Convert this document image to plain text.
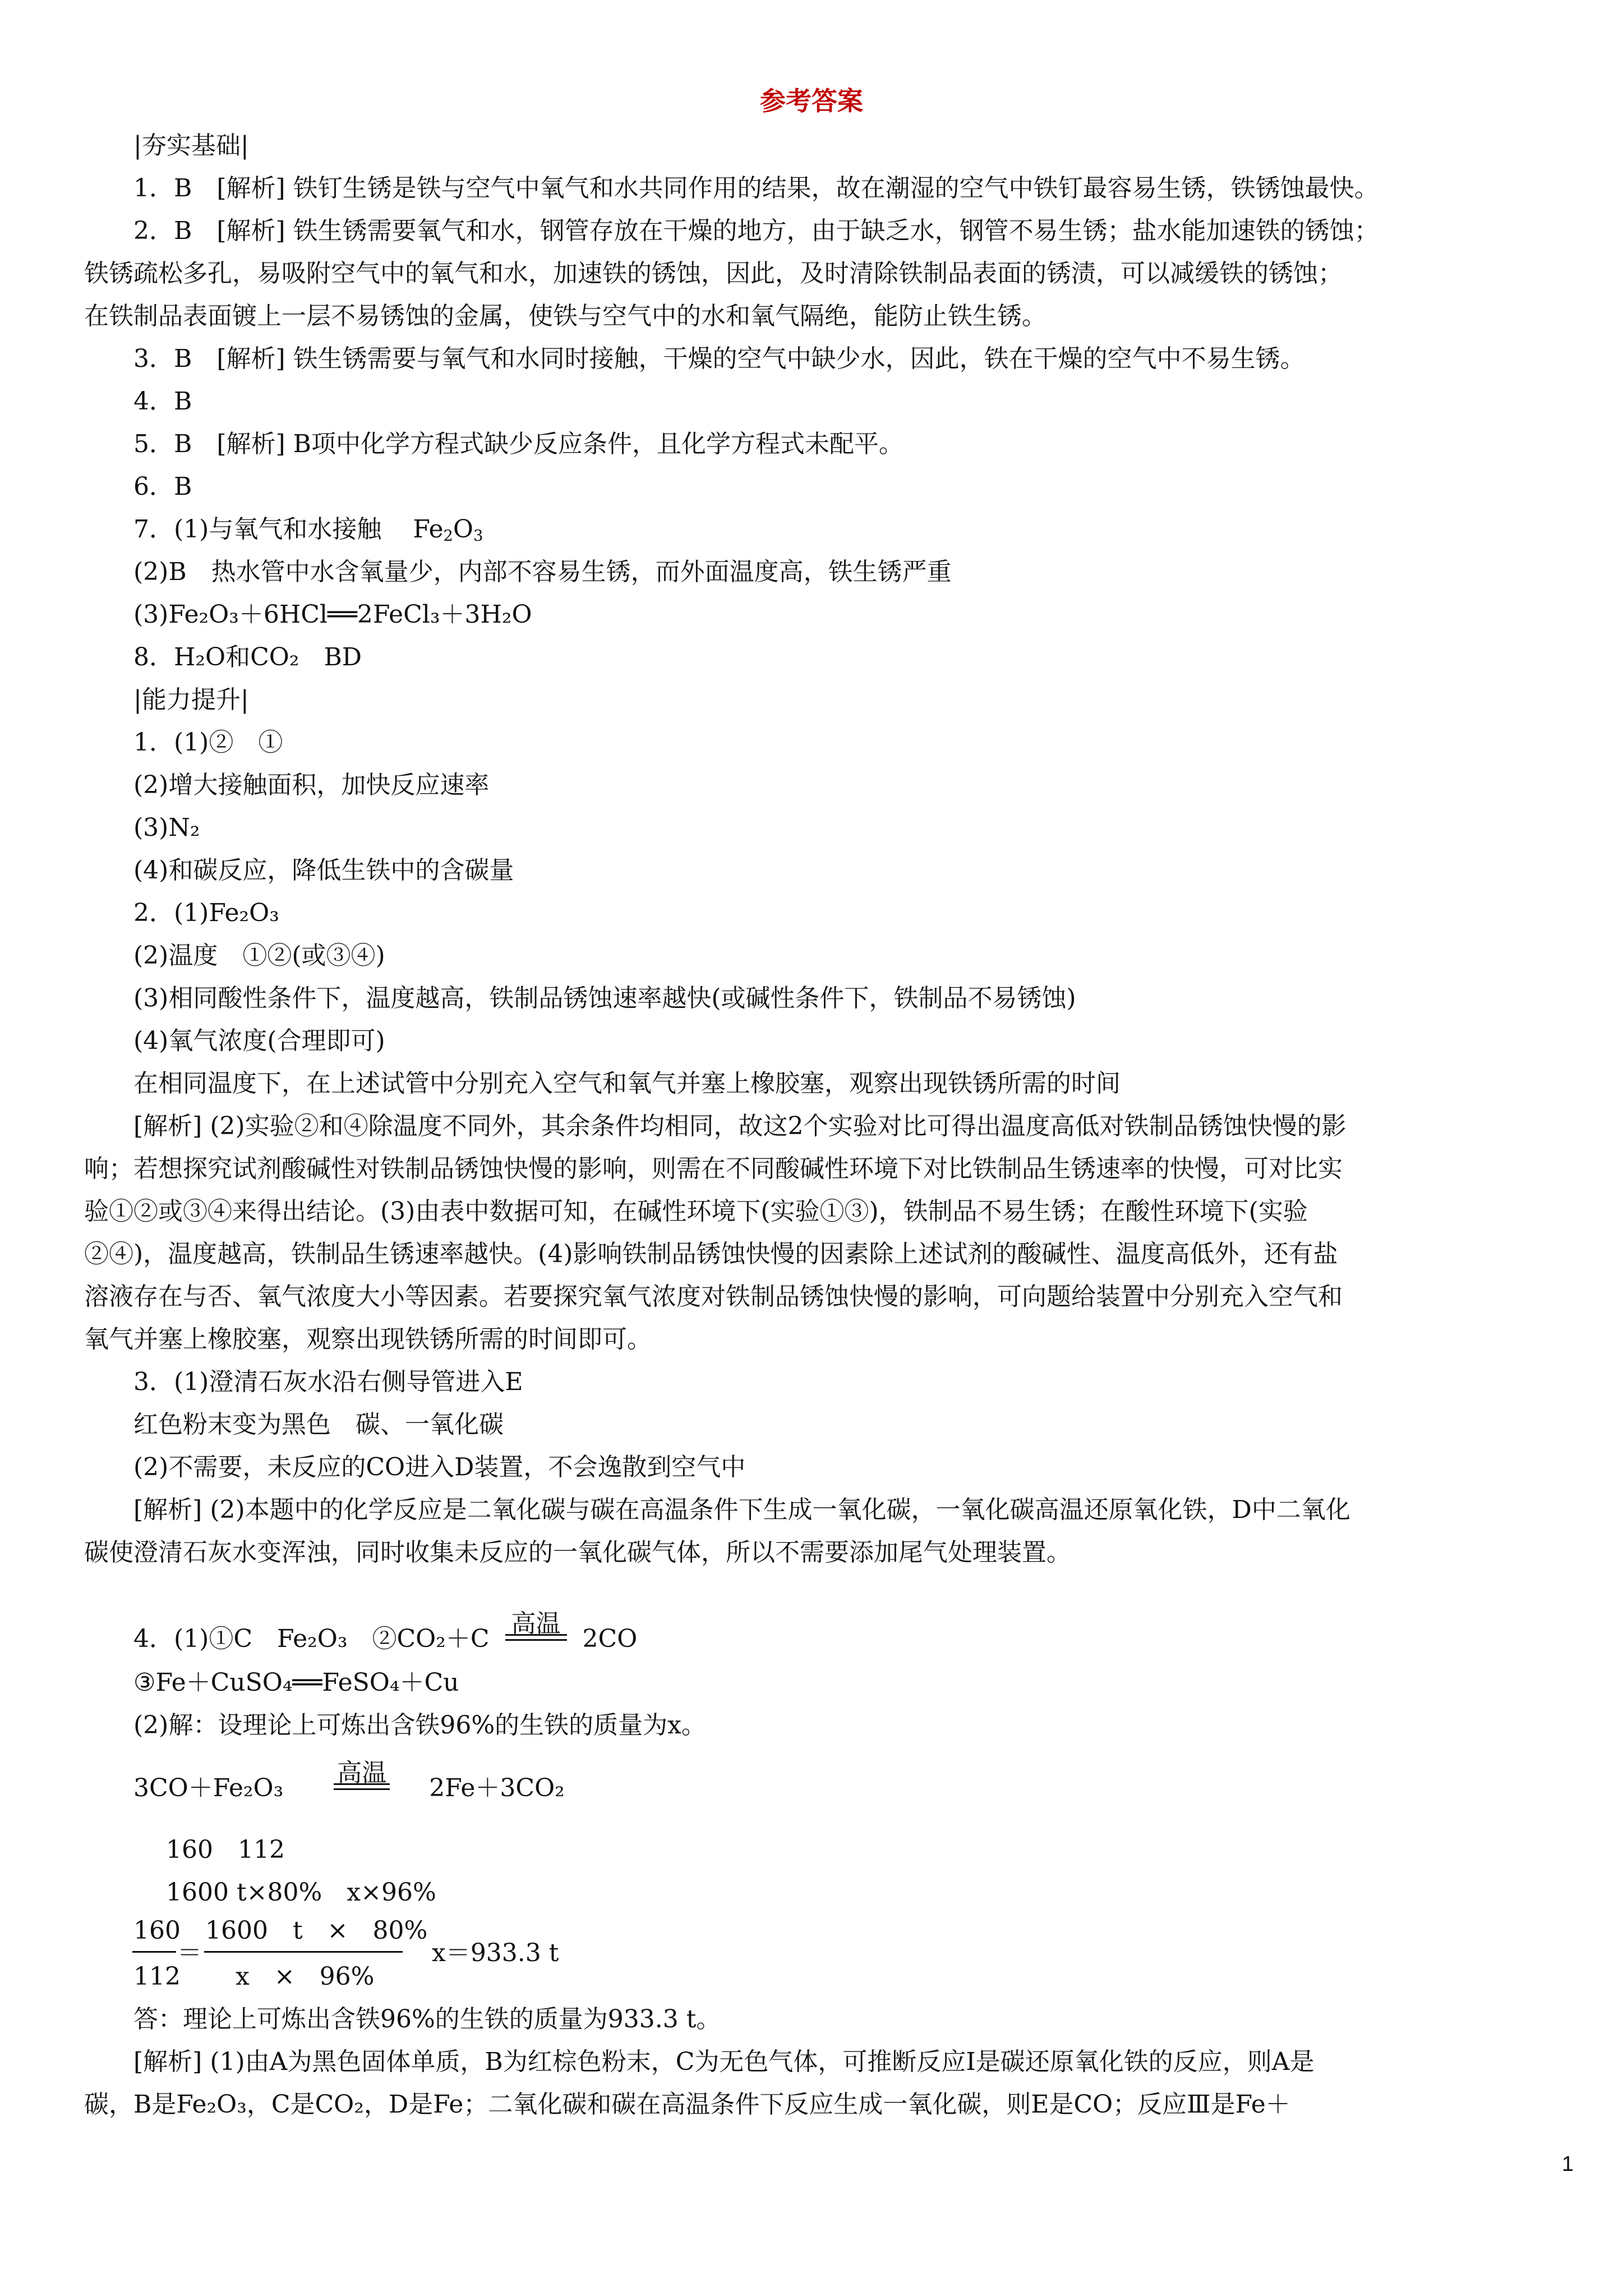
参考答案
|夯实基础|
1．B　[解析] 铁钉生锈是铁与空气中氧气和水共同作用的结果，故在潮湿的空气中铁钉最容易生锈，铁锈蚀最快。
2．B　[解析] 铁生锈需要氧气和水，钢管存放在干燥的地方，由于缺乏水，钢管不易生锈；盐水能加速铁的锈蚀；
铁锈疏松多孔，易吸附空气中的氧气和水，加速铁的锈蚀，因此，及时清除铁制品表面的锈渍，可以减缓铁的锈蚀；
在铁制品表面镀上一层不易锈蚀的金属，使铁与空气中的水和氧气隔绝，能防止铁生锈。
3．B　[解析] 铁生锈需要与氧气和水同时接触，干燥的空气中缺少水，因此，铁在干燥的空气中不易生锈。
4．B
5．B　[解析] B项中化学方程式缺少反应条件，且化学方程式未配平。
6．B
7．(1)与氧气和水接触 $Fe_2O_3$
(2)B　热水管中水含氧量少，内部不容易生锈，而外面温度高，铁生锈严重
(3)Fe₂O₃＋6HCl══2FeCl₃＋3H₂O
8．H₂O和CO₂　BD
|能力提升|
1．(1)②　①
(2)增大接触面积，加快反应速率
(3)N₂
(4)和碳反应，降低生铁中的含碳量
2．(1)Fe₂O₃
(2)温度　①②(或③④)
(3)相同酸性条件下，温度越高，铁制品锈蚀速率越快(或碱性条件下，铁制品不易锈蚀)
(4)氧气浓度(合理即可)
在相同温度下，在上述试管中分别充入空气和氧气并塞上橡胶塞，观察出现铁锈所需的时间
[解析] (2)实验②和④除温度不同外，其余条件均相同，故这2个实验对比可得出温度高低对铁制品锈蚀快慢的影
响；若想探究试剂酸碱性对铁制品锈蚀快慢的影响，则需在不同酸碱性环境下对比铁制品生锈速率的快慢，可对比实
验①②或③④来得出结论。(3)由表中数据可知，在碱性环境下(实验①③)，铁制品不易生锈；在酸性环境下(实验
②④)，温度越高，铁制品生锈速率越快。(4)影响铁制品锈蚀快慢的因素除上述试剂的酸碱性、温度高低外，还有盐
溶液存在与否、氧气浓度大小等因素。若要探究氧气浓度对铁制品锈蚀快慢的影响，可向题给装置中分别充入空气和
氧气并塞上橡胶塞，观察出现铁锈所需的时间即可。
3．(1)澄清石灰水沿右侧导管进入E
红色粉末变为黑色　碳、一氧化碳
(2)不需要，未反应的CO进入D装置，不会逸散到空气中
[解析] (2)本题中的化学反应是二氧化碳与碳在高温条件下生成一氧化碳，一氧化碳高温还原氧化铁，D中二氧化
碳使澄清石灰水变浑浊，同时收集未反应的一氧化碳气体，所以不需要添加尾气处理装置。
4．(1)①C　Fe₂O₃　②CO₂＋C
高温
2CO
③Fe＋CuSO₄══FeSO₄＋Cu
(2)解：设理论上可炼出含铁96%的生铁的质量为x。
3CO＋Fe₂O₃
高温
2Fe＋3CO₂
160　112
1600 t×80%　x×96%
160
112
＝
1600　t　×　80%
x　×　96%
x＝933.3 t
答：理论上可炼出含铁96%的生铁的质量为933.3 t。
[解析] (1)由A为黑色固体单质，B为红棕色粉末，C为无色气体，可推断反应Ⅰ是碳还原氧化铁的反应，则A是
碳，B是Fe₂O₃，C是CO₂，D是Fe；二氧化碳和碳在高温条件下反应生成一氧化碳，则E是CO；反应Ⅲ是Fe＋
1
